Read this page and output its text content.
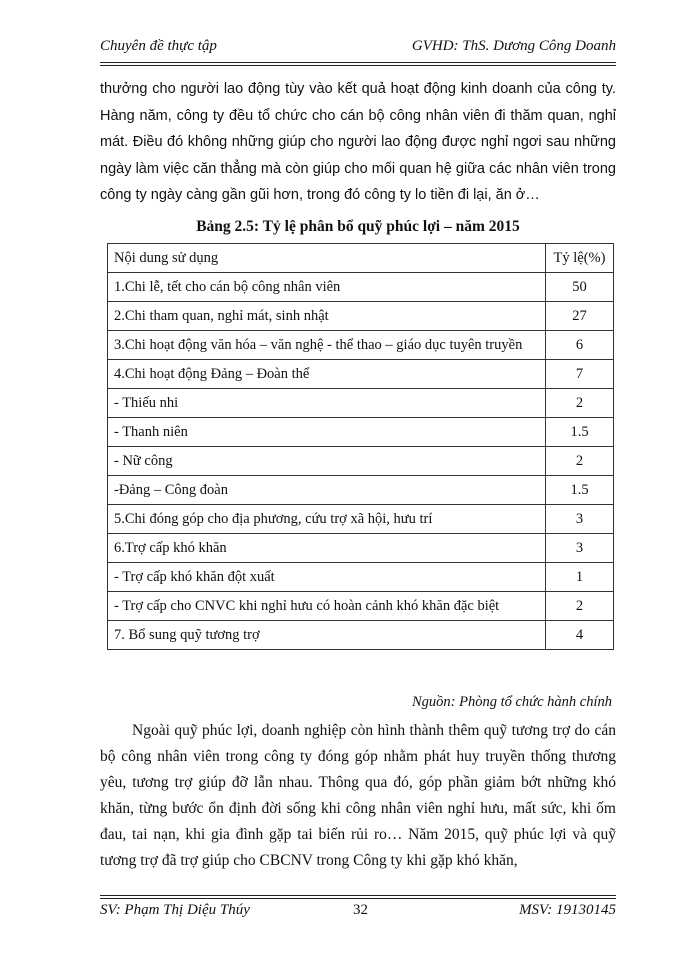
Chuyên đề thực tập	GVHD: ThS. Dương Công Doanh
thưởng cho người lao động tùy vào kết quả hoạt động kinh doanh của công ty. Hàng năm, công ty đều tổ chức cho cán bộ công nhân viên đi thăm quan, nghỉ mát. Điều đó không những giúp cho người lao động được nghỉ ngơi sau những ngày làm việc căn thẳng mà còn giúp cho mối quan hệ giữa các nhân viên trong công ty ngày càng gần gũi hơn, trong đó công ty lo tiền đi lại, ăn ở…
Bảng 2.5: Tỷ lệ phân bổ quỹ phúc lợi – năm 2015
Nội dung sử dụng	Tỷ lệ(%)
1.Chi lễ, tết cho cán bộ công nhân viên	50
2.Chi tham quan, nghỉ mát, sinh nhật	27
3.Chi hoạt động văn hóa – văn nghệ - thể thao – giáo dục tuyên truyền	6
4.Chi hoạt động Đảng – Đoàn thể	7
- Thiếu nhi	2
- Thanh niên	1.5
- Nữ công	2
-Đảng – Công đoàn	1.5
5.Chi đóng góp cho địa phương, cứu trợ xã hội, hưu trí	3
6.Trợ cấp khó khăn	3
- Trợ cấp khó khăn đột xuất	1
- Trợ cấp cho CNVC khi nghỉ hưu có hoàn cảnh khó khăn đặc biệt	2
7. Bổ sung quỹ tương trợ	4
Nguồn: Phòng tổ chức hành chính
Ngoài quỹ phúc lợi, doanh nghiệp còn hình thành thêm quỹ tương trợ do cán bộ công nhân viên trong công ty đóng góp nhằm phát huy truyền thống thương yêu, tương trợ giúp đỡ lẫn nhau. Thông qua đó, góp phần giảm bớt những khó khăn, từng bước ổn định đời sống khi công nhân viên nghỉ hưu, mất sức, khi ốm đau, tai nạn, khi gia đình gặp tai biến rủi ro… Năm 2015, quỹ phúc lợi và quỹ tương trợ đã trợ giúp cho CBCNV trong Công ty khi gặp khó khăn,
SV: Phạm Thị Diệu Thúy	32	MSV: 19130145
